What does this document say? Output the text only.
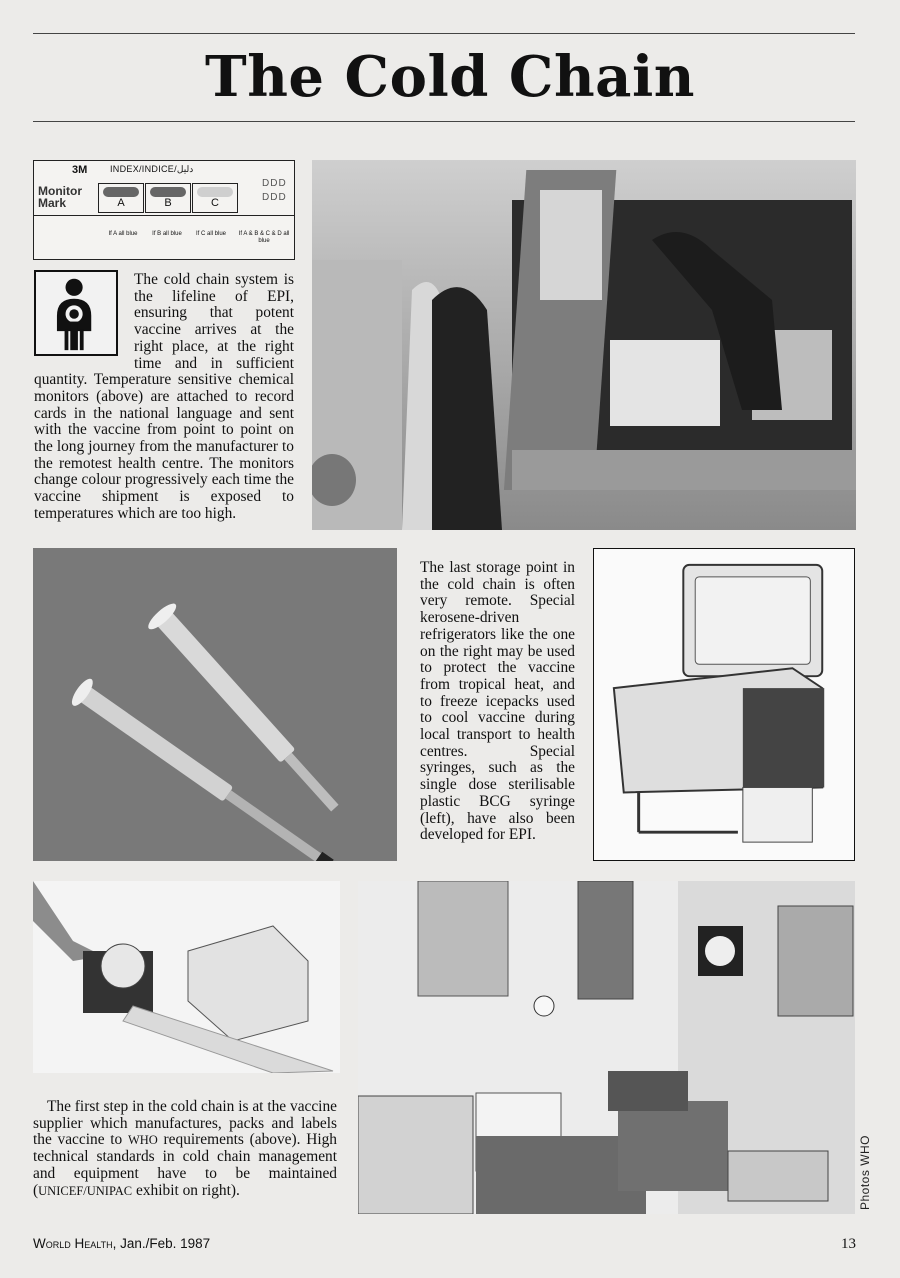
The Cold Chain
3M	INDEX/INDICE/دليل
Monitor
Mark	A	B	C
DDD
DDD
If A all blue	If B all blue	If C all blue	If A & B & C & D all blue

The cold chain system is the lifeline of EPI, ensuring that potent vaccine arrives at the right place, at the right time and in sufficient quantity. Temperature sensitive chemical monitors (above) are attached to record cards in the national language and sent with the vaccine from point to point on the long journey from the manufacturer to the remotest health centre. The monitors change colour progressively each time the vaccine shipment is exposed to temperatures which are too high.

The last storage point in the cold chain is often very remote. Special kerosene-driven refrigerators like the one on the right may be used to protect the vaccine from tropical heat, and to freeze icepacks used to cool vaccine during local transport to health centres. Special syringes, such as the single dose sterilisable plastic BCG syringe (left), have also been developed for EPI.

The first step in the cold chain is at the vaccine supplier which manufactures, packs and labels the vaccine to WHO requirements (above). High technical standards in cold chain management and equipment have to be maintained (UNICEF/UNIPAC exhibit on right).	Photos WHO
World Health, Jan./Feb. 1987	13
